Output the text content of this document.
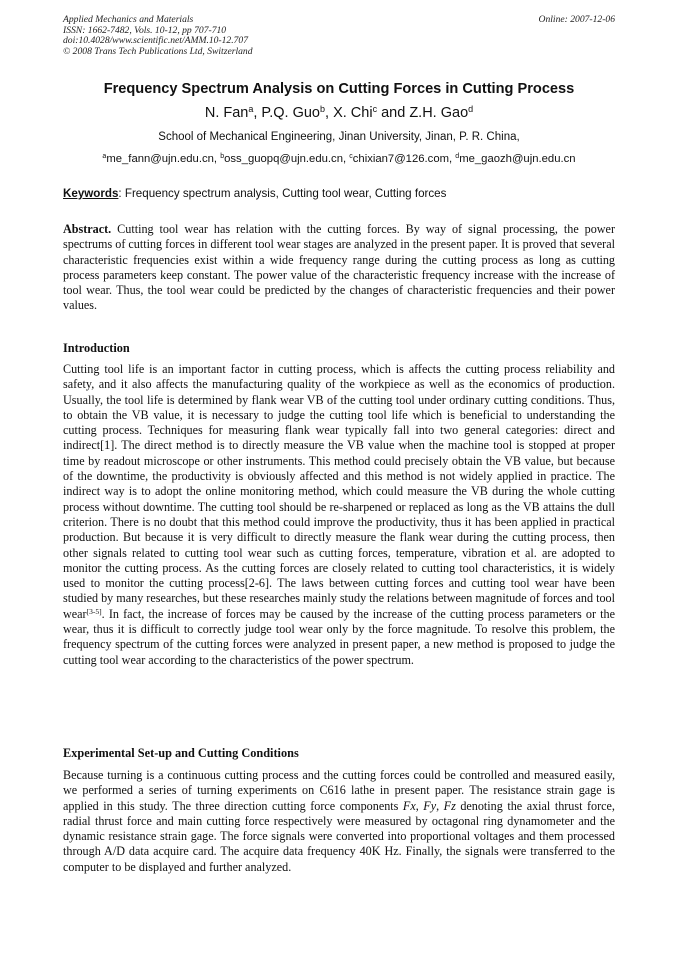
Applied Mechanics and Materials
ISSN: 1662-7482, Vols. 10-12, pp 707-710
doi:10.4028/www.scientific.net/AMM.10-12.707
© 2008 Trans Tech Publications Ltd, Switzerland
Online: 2007-12-06
Frequency Spectrum Analysis on Cutting Forces in Cutting Process
N. Fan$^a$, P.Q. Guo$^b$, X. Chi$^c$ and Z.H. Gao$^d$
School of Mechanical Engineering, Jinan University, Jinan, P. R. China,
$^a$me_fann@ujn.edu.cn, $^b$oss_guopq@ujn.edu.cn, $^c$chixian7@126.com, $^d$me_gaozh@ujn.edu.cn
Keywords: Frequency spectrum analysis, Cutting tool wear, Cutting forces

Abstract. Cutting tool wear has relation with the cutting forces. By way of signal processing, the power spectrums of cutting forces in different tool wear stages are analyzed in the present paper. It is proved that several characteristic frequencies exist within a wide frequency range during the cutting process as long as cutting process parameters keep constant. The power value of the characteristic frequency increase with the increase of tool wear. Thus, the tool wear could be predicted by the changes of characteristic frequencies and their power values.

Introduction

Cutting tool life is an important factor in cutting process, which is affects the cutting process reliability and safety, and it also affects the manufacturing quality of the workpiece as well as the economics of production. Usually, the tool life is determined by flank wear VB of the cutting tool under ordinary cutting conditions. Thus, to obtain the VB value, it is necessary to judge the cutting tool life which is beneficial to understanding the cutting process. Techniques for measuring flank wear typically fall into two general categories: direct and indirect[1]. The direct method is to directly measure the VB value when the machine tool is stopped at proper time by readout microscope or other instruments. This method could precisely obtain the VB value, but because of the downtime, the productivity is obviously affected and this method is not widely applied in practice. The indirect way is to adopt the online monitoring method, which could measure the VB during the whole cutting process without downtime. The cutting tool should be re-sharpened or replaced as long as the VB attains the dull criterion. There is no doubt that this method could improve the productivity, thus it has been applied in practical production. But because it is very difficult to directly measure the flank wear during the cutting process, then other signals related to cutting tool wear such as cutting forces, temperature, vibration et al. are adopted to monitor the cutting process. As the cutting forces are closely related to cutting tool characteristics, it is widely used to monitor the cutting process[2-6]. The laws between cutting forces and cutting tool wear have been studied by many researches, but these researches mainly study the relations between magnitude of forces and tool wear[3-5]. In fact, the increase of forces may be caused by the increase of the cutting process parameters or the wear, thus it is difficult to correctly judge tool wear only by the force magnitude. To resolve this problem, the frequency spectrum of the cutting forces were analyzed in present paper, a new method is proposed to judge the cutting tool wear according to the characteristics of the power spectrum.

Experimental Set-up and Cutting Conditions

Because turning is a continuous cutting process and the cutting forces could be controlled and measured easily, we performed a series of turning experiments on C616 lathe in present paper. The resistance strain gage is applied in this study. The three direction cutting force components Fx, Fy, Fz denoting the axial thrust force, radial thrust force and main cutting force respectively were measured by octagonal ring dynamometer and the dynamic resistance strain gage. The force signals were converted into proportional voltages and them processed through A/D data acquire card. The acquire data frequency 40K Hz. Finally, the signals were transferred to the computer to be displayed and further analyzed.
